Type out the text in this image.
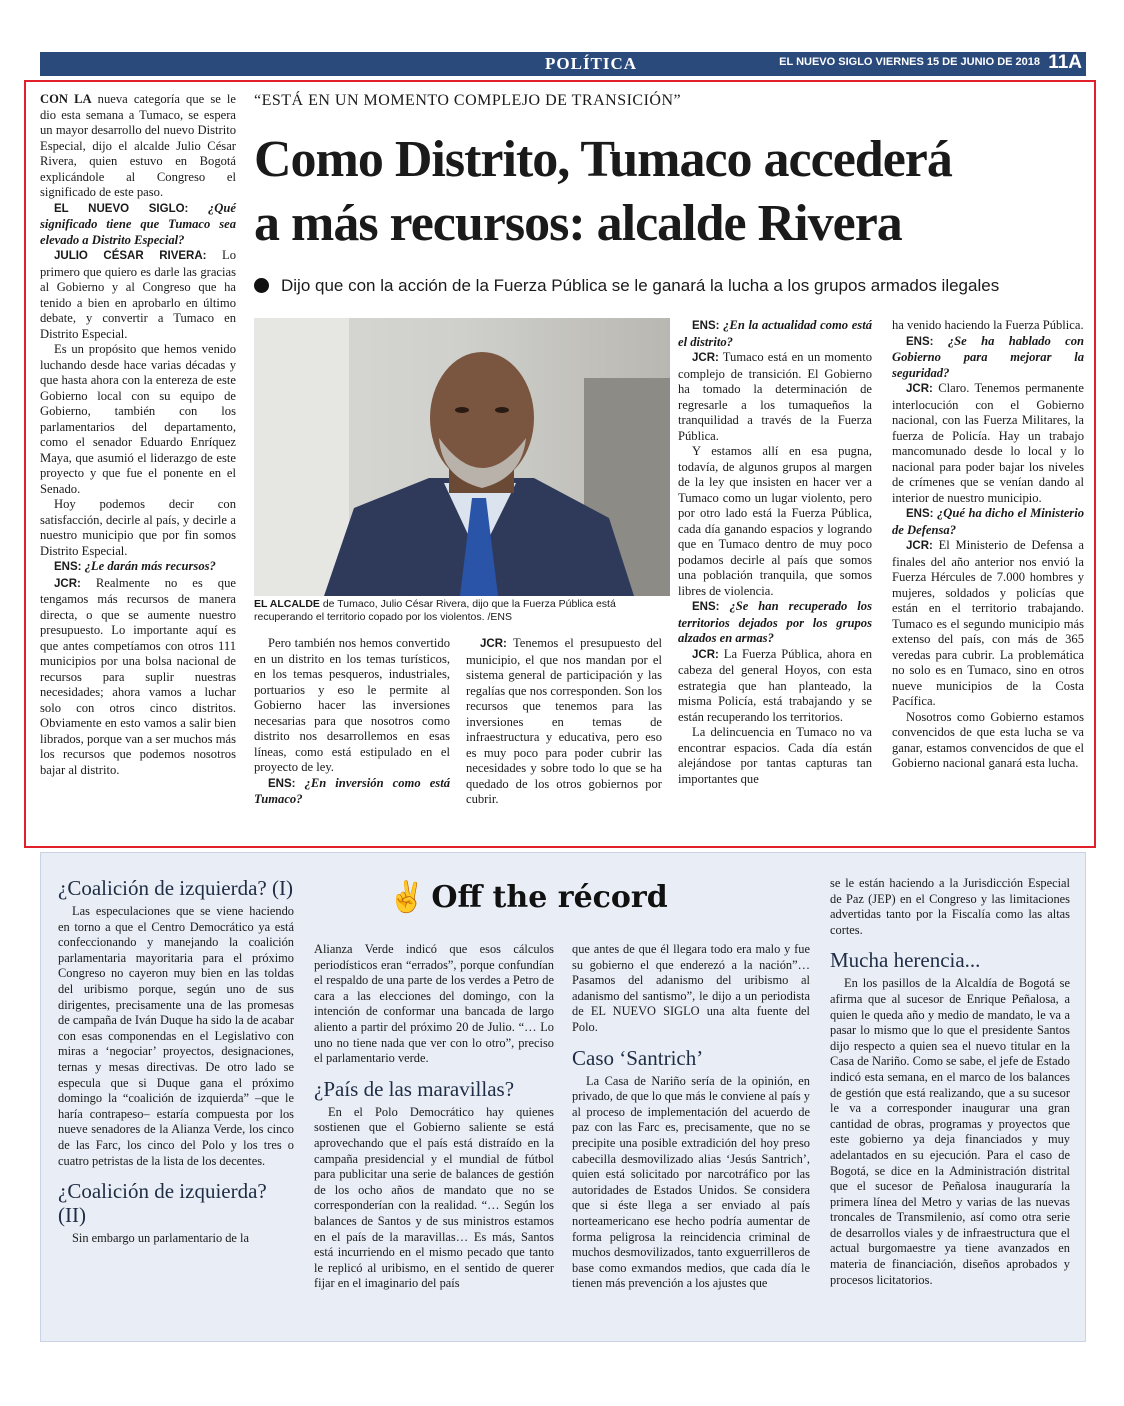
POLÍTICA	EL NUEVO SIGLO VIERNES 15 DE JUNIO DE 2018 11A

CON LA nueva categoría que se le dio esta semana a Tumaco, se espera un mayor desarrollo del nuevo Distrito Especial, dijo el alcalde Julio César Rivera, quien estuvo en Bogotá explicándole al Congreso el significado de este paso.

EL NUEVO SIGLO: ¿Qué significado tiene que Tumaco sea elevado a Distrito Especial?

JULIO CÉSAR RIVERA: Lo primero que quiero es darle las gracias al Gobierno y al Congreso que ha tenido a bien en aprobarlo en último debate, y convertir a Tumaco en Distrito Especial.

Es un propósito que hemos venido luchando desde hace varias décadas y que hasta ahora con la entereza de este Gobierno local con su equipo de Gobierno, también con los parlamentarios del departamento, como el senador Eduardo Enríquez Maya, que asumió el liderazgo de este proyecto y que fue el ponente en el Senado.

Hoy podemos decir con satisfacción, decirle al país, y decirle a nuestro municipio que por fin somos Distrito Especial.

ENS: ¿Le darán más recursos?

JCR: Realmente no es que tengamos más recursos de manera directa, o que se aumente nuestro presupuesto. Lo importante aquí es que antes competíamos con otros 111 municipios por una bolsa nacional de recursos para suplir nuestras necesidades; ahora vamos a luchar solo con otros cinco distritos. Obviamente en esto vamos a salir bien librados, porque van a ser muchos más los recursos que podemos nosotros bajar al distrito.

“ESTÁ EN UN MOMENTO COMPLEJO DE TRANSICIÓN”
Como Distrito, Tumaco accederá
a más recursos: alcalde Rivera
Dijo que con la acción de la Fuerza Pública se le ganará la lucha a los grupos armados ilegales
EL ALCALDE de Tumaco, Julio César Rivera, dijo que la Fuerza Pública está recuperando el territorio copado por los violentos. /ENS

Pero también nos hemos convertido en un distrito en los temas turísticos, en los temas pesqueros, industriales, portuarios y eso le permite al Gobierno hacer las inversiones necesarias para que nosotros como distrito nos desarrollemos en esas líneas, como está estipulado en el proyecto de ley.

ENS: ¿En inversión como está Tumaco?

JCR: Tenemos el presupuesto del municipio, el que nos mandan por el sistema general de participación y las regalías que nos corresponden. Son los recursos que tenemos para las inversiones en temas de infraestructura y educativa, pero eso es muy poco para poder cubrir las necesidades y sobre todo lo que se ha quedado de los otros gobiernos por cubrir.

ENS: ¿En la actualidad como está el distrito?

JCR: Tumaco está en un momento complejo de transición. El Gobierno ha tomado la determinación de regresarle a los tumaqueños la tranquilidad a través de la Fuerza Pública.

Y estamos allí en esa pugna, todavía, de algunos grupos al margen de la ley que insisten en hacer ver a Tumaco como un lugar violento, pero por otro lado está la Fuerza Pública, cada día ganando espacios y logrando que en Tumaco dentro de muy poco podamos decirle al país que somos una población tranquila, que somos libres de violencia.

ENS: ¿Se han recuperado los territorios dejados por los grupos alzados en armas?

JCR: La Fuerza Pública, ahora en cabeza del general Hoyos, con esta estrategia que han planteado, la misma Policía, está trabajando y se están recuperando los territorios.

La delincuencia en Tumaco no va encontrar espacios. Cada día están alejándose por tantas capturas tan importantes que

ha venido haciendo la Fuerza Pública.

ENS: ¿Se ha hablado con Gobierno para mejorar la seguridad?

JCR: Claro. Tenemos permanente interlocución con el Gobierno nacional, con las Fuerza Militares, la fuerza de Policía. Hay un trabajo mancomunado desde lo local y lo nacional para poder bajar los niveles de crímenes que se venían dando al interior de nuestro municipio.

ENS: ¿Qué ha dicho el Ministerio de Defensa?

JCR: El Ministerio de Defensa a finales del año anterior nos envió la Fuerza Hércules de 7.000 hombres y mujeres, soldados y policías que están en el territorio trabajando. Tumaco es el segundo municipio más extenso del país, con más de 365 veredas para cubrir. La problemática no solo es en Tumaco, sino en otros nueve municipios de la Costa Pacífica.

Nosotros como Gobierno estamos convencidos de que esta lucha se va ganar, estamos convencidos de que el Gobierno nacional ganará esta lucha.

✌ Off the récord
¿Coalición de izquierda? (I)

Las especulaciones que se viene haciendo en torno a que el Centro Democrático ya está confeccionando y manejando la coalición parlamentaria mayoritaria para el próximo Congreso no cayeron muy bien en las toldas del uribismo porque, según uno de sus dirigentes, precisamente una de las promesas de campaña de Iván Duque ha sido la de acabar con esas componendas en el Legislativo con miras a ‘negociar’ proyectos, designaciones, ternas y mesas directivas. De otro lado se especula que si Duque gana el próximo domingo la “coalición de izquierda” –que le haría contrapeso– estaría compuesta por los nueve senadores de la Alianza Verde, los cinco de las Farc, los cinco del Polo y los tres o cuatro petristas de la lista de los decentes.

¿Coalición de izquierda? (II)

Sin embargo un parlamentario de la

Alianza Verde indicó que esos cálculos periodísticos eran “errados”, porque confundían el respaldo de una parte de los verdes a Petro de cara a las elecciones del domingo, con la intención de conformar una bancada de largo aliento a partir del próximo 20 de Julio. “… Lo uno no tiene nada que ver con lo otro”, preciso el parlamentario verde.

¿País de las maravillas?

En el Polo Democrático hay quienes sostienen que el Gobierno saliente se está aprovechando que el país está distraído en la campaña presidencial y el mundial de fútbol para publicitar una serie de balances de gestión de los ocho años de mandato que no se corresponderían con la realidad. “… Según los balances de Santos y de sus ministros estamos en el país de la maravillas… Es más, Santos está incurriendo en el mismo pecado que tanto le replicó al uribismo, en el sentido de querer fijar en el imaginario del país

que antes de que él llegara todo era malo y fue su gobierno el que enderezó a la nación”… Pasamos del adanismo del uribismo al adanismo del santismo”, le dijo a un periodista de EL NUEVO SIGLO una alta fuente del Polo.

Caso ‘Santrich’

La Casa de Nariño sería de la opinión, en privado, de que lo que más le conviene al país y al proceso de implementación del acuerdo de paz con las Farc es, precisamente, que no se precipite una posible extradición del hoy preso cabecilla desmovilizado alias ‘Jesús Santrich’, quien está solicitado por narcotráfico por las autoridades de Estados Unidos. Se considera que si éste llega a ser enviado al país norteamericano ese hecho podría aumentar de forma peligrosa la reincidencia criminal de muchos desmovilizados, tanto exguerrilleros de base como exmandos medios, que cada día le tienen más prevención a los ajustes que

se le están haciendo a la Jurisdicción Especial de Paz (JEP) en el Congreso y las limitaciones advertidas tanto por la Fiscalía como las altas cortes.

Mucha herencia...

En los pasillos de la Alcaldía de Bogotá se afirma que al sucesor de Enrique Peñalosa, a quien le queda año y medio de mandato, le va a pasar lo mismo que lo que el presidente Santos dijo respecto a quien sea el nuevo titular en la Casa de Nariño. Como se sabe, el jefe de Estado indicó esta semana, en el marco de los balances de gestión que está realizando, que a su sucesor le va a corresponder inaugurar una gran cantidad de obras, programas y proyectos que este gobierno ya deja financiados y muy adelantados en su ejecución. Para el caso de Bogotá, se dice en la Administración distrital que el sucesor de Peñalosa inauguraría la primera línea del Metro y varias de las nuevas troncales de Transmilenio, así como otra serie de desarrollos viales y de infraestructura que el actual burgomaestre ya tiene avanzados en materia de financiación, diseños aprobados y procesos licitatorios.
